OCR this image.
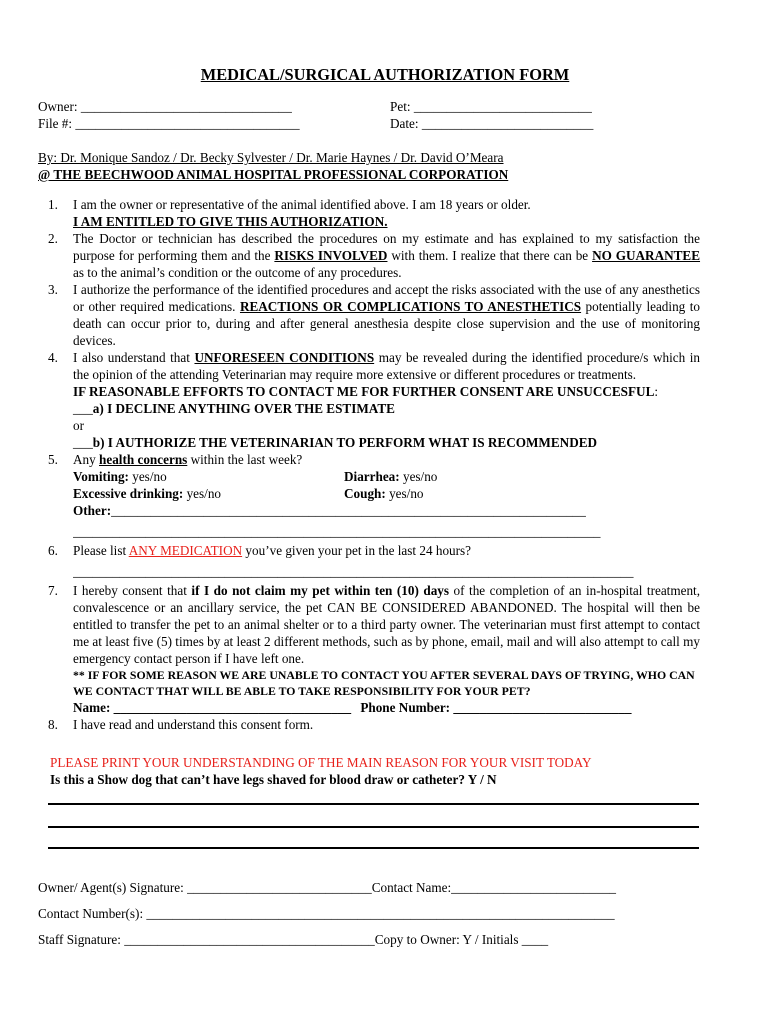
MEDICAL/SURGICAL AUTHORIZATION FORM
Owner: ________________________________
File #: __________________________________
Pet: ___________________________
Date: __________________________
By: Dr. Monique Sandoz / Dr. Becky Sylvester / Dr. Marie Haynes / Dr. David O’Meara
@ THE BEECHWOOD ANIMAL HOSPITAL PROFESSIONAL CORPORATION
1. I am the owner or representative of the animal identified above. I am 18 years or older.
I AM ENTITLED TO GIVE THIS AUTHORIZATION.
2. The Doctor or technician has described the procedures on my estimate and has explained to my satisfaction the purpose for performing them and the RISKS INVOLVED with them. I realize that there can be NO GUARANTEE as to the animal’s condition or the outcome of any procedures.
3. I authorize the performance of the identified procedures and accept the risks associated with the use of any anesthetics or other required medications. REACTIONS OR COMPLICATIONS TO ANESTHETICS potentially leading to death can occur prior to, during and after general anesthesia despite close supervision and the use of monitoring devices.
4. I also understand that UNFORESEEN CONDITIONS may be revealed during the identified procedure/s which in the opinion of the attending Veterinarian may require more extensive or different procedures or treatments.
IF REASONABLE EFFORTS TO CONTACT ME FOR FURTHER CONSENT ARE UNSUCCESFUL:
___a) I DECLINE ANYTHING OVER THE ESTIMATE
or
___b) I AUTHORIZE THE VETERINARIAN TO PERFORM WHAT IS RECOMMENDED
5. Any health concerns within the last week?
Vomiting: yes/no	Diarrhea: yes/no
Excessive drinking: yes/no	Cough: yes/no
Other:________________________________________________________________________
________________________________________________________________________________
6. Please list ANY MEDICATION you’ve given your pet in the last 24 hours?
_____________________________________________________________________________________
7. I hereby consent that if I do not claim my pet within ten (10) days of the completion of an in-hospital treatment, convalescence or an ancillary service, the pet CAN BE CONSIDERED ABANDONED. The hospital will then be entitled to transfer the pet to an animal shelter or to a third party owner. The veterinarian must first attempt to contact me at least five (5) times by at least 2 different methods, such as by phone, email, mail and will also attempt to call my emergency contact person if I have left one.
** IF FOR SOME REASON WE ARE UNABLE TO CONTACT YOU AFTER SEVERAL DAYS OF TRYING, WHO CAN WE CONTACT THAT WILL BE ABLE TO TAKE RESPONSIBILITY FOR YOUR PET?
Name: ____________________________________ Phone Number: ___________________________
8. I have read and understand this consent form.
PLEASE PRINT YOUR UNDERSTANDING OF THE MAIN REASON FOR YOUR VISIT TODAY
Is this a Show dog that can’t have legs shaved for blood draw or catheter? Y / N
Owner/ Agent(s) Signature: ____________________________Contact Name:_________________________
Contact Number(s): _______________________________________________________________________
Staff Signature: ______________________________________Copy to Owner: Y / Initials ____
